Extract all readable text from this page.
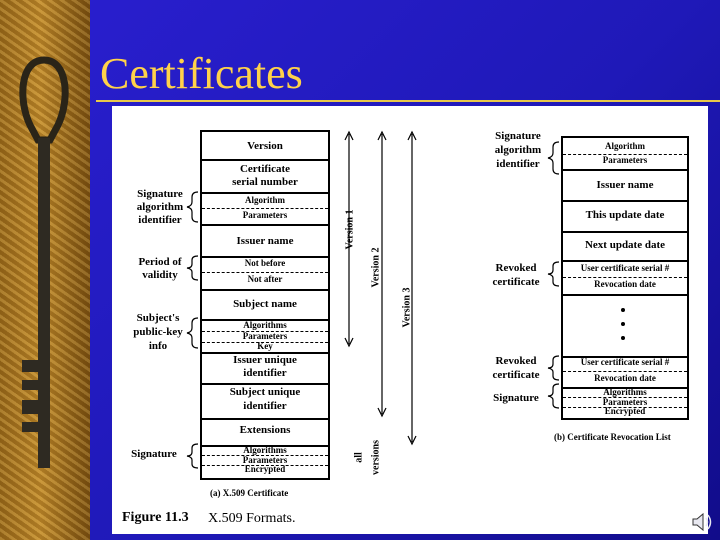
Certificates
Version
Certificate
serial number
Algorithm
Parameters
Issuer name
Not before
Not after
Subject name
Algorithms
Parameters
Key
Issuer unique
identifier
Subject unique
identifier
Extensions
Algorithms
Parameters
Encrypted
Signature
algorithm
identifier
Period of
validity
Subject's
public-key
info
Signature
Version 1
Version 2
Version 3
all versions
(a) X.509 Certificate
Algorithm
Parameters
Issuer name
This update date
Next update date
User certificate serial #
Revocation date
User certificate serial #
Revocation date
Algorithms
Parameters
Encrypted
Signature
algorithm
identifier
Revoked
certificate
Revoked
certificate
Signature
(b) Certificate Revocation List
Figure 11.3 X.509 Formats.
